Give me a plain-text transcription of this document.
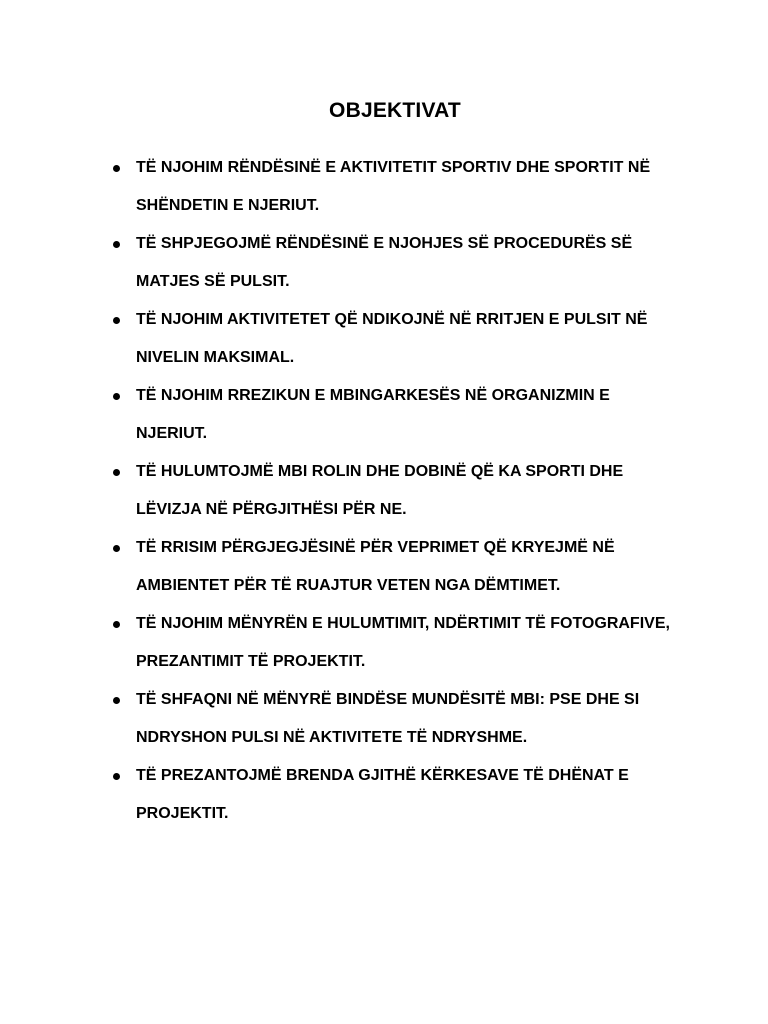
OBJEKTIVAT
TË NJOHIM RËNDËSINË E AKTIVITETIT SPORTIV DHE SPORTIT NË SHËNDETIN E NJERIUT.
TË SHPJEGOJMË RËNDËSINË E NJOHJES SË PROCEDURËS SË MATJES SË PULSIT.
TË NJOHIM AKTIVITETET QË NDIKOJNË NË RRITJEN E PULSIT NË NIVELIN MAKSIMAL.
TË NJOHIM RREZIKUN E MBINGARKESËS NË ORGANIZMIN E NJERIUT.
TË HULUMTOJMË MBI ROLIN DHE DOBINË QË KA SPORTI DHE LËVIZJA NË PËRGJITHËSI PËR NE.
TË RRISIM PËRGJEGJËSINË PËR VEPRIMET QË KRYEJMË NË AMBIENTET PËR TË RUAJTUR VETEN NGA DËMTIMET.
TË NJOHIM MËNYRËN E HULUMTIMIT, NDËRTIMIT TË FOTOGRAFIVE, PREZANTIMIT TË PROJEKTIT.
TË SHFAQNI NË MËNYRË BINDËSE MUNDËSITË MBI: PSE DHE SI NDRYSHON PULSI NË AKTIVITETE TË NDRYSHME.
TË PREZANTOJMË BRENDA GJITHË KËRKESAVE TË DHËNAT E PROJEKTIT.
